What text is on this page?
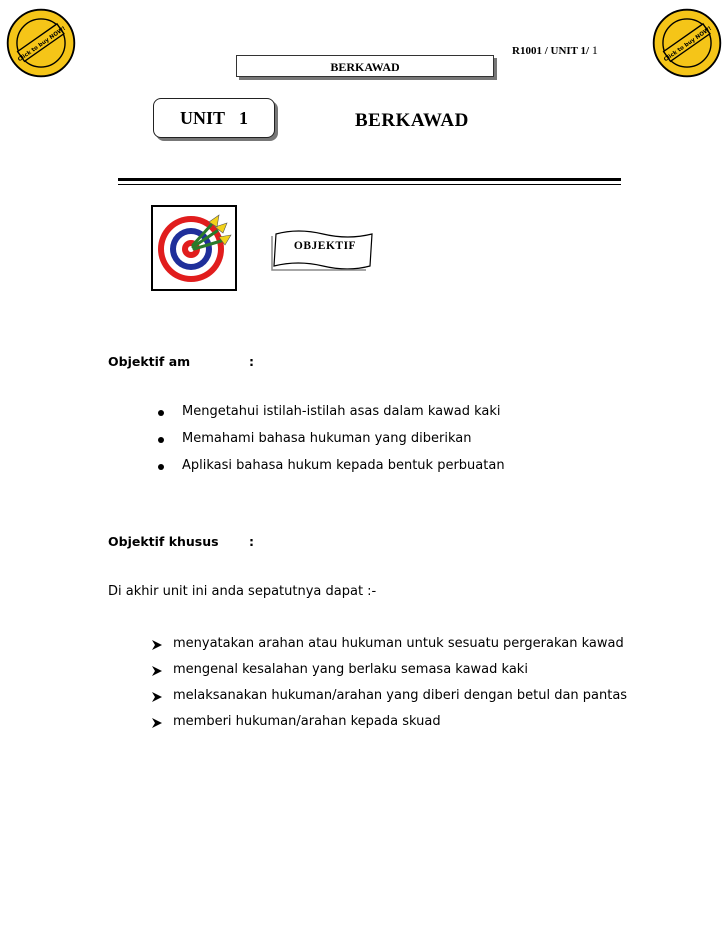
Click to buy NOW!	Click to buy NOW!
R1001 / UNIT 1/ 1
BERKAWAD
UNIT 1	BERKAWAD
OBJEKTIF
Objektif am	:
Mengetahui istilah-istilah asas dalam kawad kaki
Memahami bahasa hukuman yang diberikan
Aplikasi bahasa hukum kepada bentuk perbuatan
Objektif khusus :
Di akhir unit ini anda sepatutnya dapat :-
menyatakan arahan atau hukuman untuk sesuatu pergerakan kawad
mengenal kesalahan yang berlaku semasa kawad kaki
melaksanakan hukuman/arahan yang diberi dengan betul dan pantas
memberi hukuman/arahan kepada skuad
